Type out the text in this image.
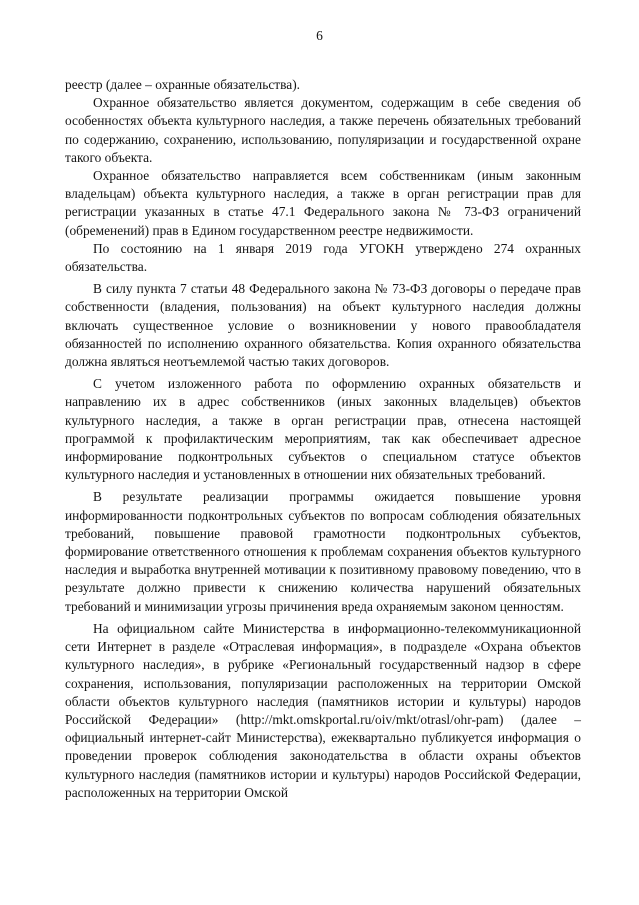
6

реестр (далее – охранные обязательства).

Охранное обязательство является документом, содержащим в себе сведения об особенностях объекта культурного наследия, а также перечень обязательных требований по содержанию, сохранению, использованию, популяризации и государственной охране такого объекта.

Охранное обязательство направляется всем собственникам (иным законным владельцам) объекта культурного наследия, а также в орган регистрации прав для регистрации указанных в статье 47.1 Федерального закона № 73-ФЗ ограничений (обременений) прав в Едином государственном реестре недвижимости.

По состоянию на 1 января 2019 года УГОКН утверждено 274 охранных обязательства.

В силу пункта 7 статьи 48 Федерального закона № 73-ФЗ договоры о передаче прав собственности (владения, пользования) на объект культурного наследия должны включать существенное условие о возникновении у нового правообладателя обязанностей по исполнению охранного обязательства. Копия охранного обязательства должна являться неотъемлемой частью таких договоров.

С учетом изложенного работа по оформлению охранных обязательств и направлению их в адрес собственников (иных законных владельцев) объектов культурного наследия, а также в орган регистрации прав, отнесена настоящей программой к профилактическим мероприятиям, так как обеспечивает адресное информирование подконтрольных субъектов о специальном статусе объектов культурного наследия и установленных в отношении них обязательных требований.

В результате реализации программы ожидается повышение уровня информированности подконтрольных субъектов по вопросам соблюдения обязательных требований, повышение правовой грамотности подконтрольных субъектов, формирование ответственного отношения к проблемам сохранения объектов культурного наследия и выработка внутренней мотивации к позитивному правовому поведению, что в результате должно привести к снижению количества нарушений обязательных требований и минимизации угрозы причинения вреда охраняемым законом ценностям.

На официальном сайте Министерства в информационно-телекоммуникационной сети Интернет в разделе «Отраслевая информация», в подразделе «Охрана объектов культурного наследия», в рубрике «Региональный государственный надзор в сфере сохранения, использования, популяризации расположенных на территории Омской области объектов культурного наследия (памятников истории и культуры) народов Российской Федерации» (http://mkt.omskportal.ru/oiv/mkt/otrasl/ohr-pam) (далее – официальный интернет-сайт Министерства), ежеквартально публикуется информация о проведении проверок соблюдения законодательства в области охраны объектов культурного наследия (памятников истории и культуры) народов Российской Федерации, расположенных на территории Омской
